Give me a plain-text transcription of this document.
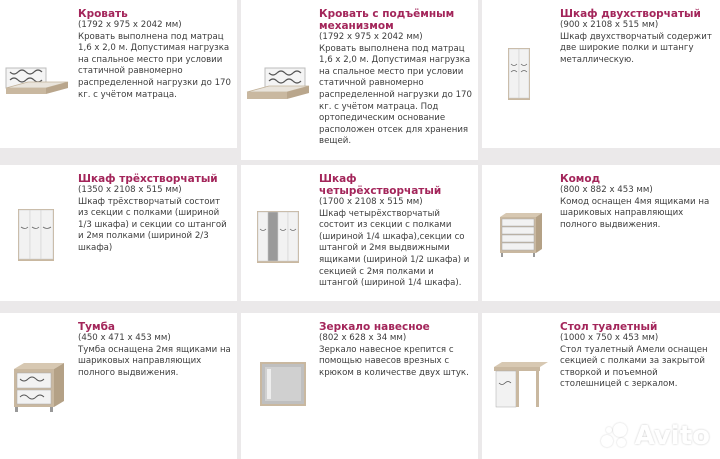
Кровать
(1792 х 975 х 2042 мм)
Кровать выполнена под матрац 1,6 х 2,0 м. Допустимая нагрузка на спальное место при условии статичной равномерно распределенной нагрузки до 170 кг. с учётом матраца.
Кровать с подъёмным механизмом
(1792 х 975 х 2042 мм)
Кровать выполнена под матрац 1,6 х 2,0 м. Допустимая нагрузка на спальное место при условии статичной равномерно распределенной нагрузки до 170 кг. с учётом матраца. Под ортопедическим основание расположен отсек для хранения вещей.
Шкаф двухстворчатый
(900 х 2108 х 515 мм)
Шкаф двухстворчатый содержит две широкие полки и штангу металлическую.
Шкаф трёхстворчатый
(1350 х 2108 х 515 мм)
Шкаф трёхстворчатый состоит из секции с полками (шириной 1/3 шкафа) и секции со штангой и 2мя полками (шириной 2/3 шкафа)
Шкаф четырёхстворчатый
(1700 х 2108 х 515 мм)
Шкаф четырёхстворчатый состоит из секции с полками (шириной 1/4 шкафа),секции со штангой и 2мя выдвижными ящиками (шириной 1/2 шкафа) и секцией с 2мя полками и штангой (шириной 1/4 шкафа).
Комод
(800 х 882 х 453 мм)
Комод оснащен 4мя ящиками на шариковых направляющих полного выдвижения.
Тумба
(450 х 471 х 453 мм)
Тумба оснащена 2мя ящиками на шариковых направляющих полного выдвижения.
Зеркало навесное
(802 х 628 х 34 мм)
Зеркало навесное крепится с помощью навесов врезных с крюком в количестве двух штук.
Стол туалетный
(1000 х 750 х 453 мм)
Стол туалетный Амели оснащен секцией с полками за закрытой створкой и поъемной столешницей с зеркалом.
Avito
